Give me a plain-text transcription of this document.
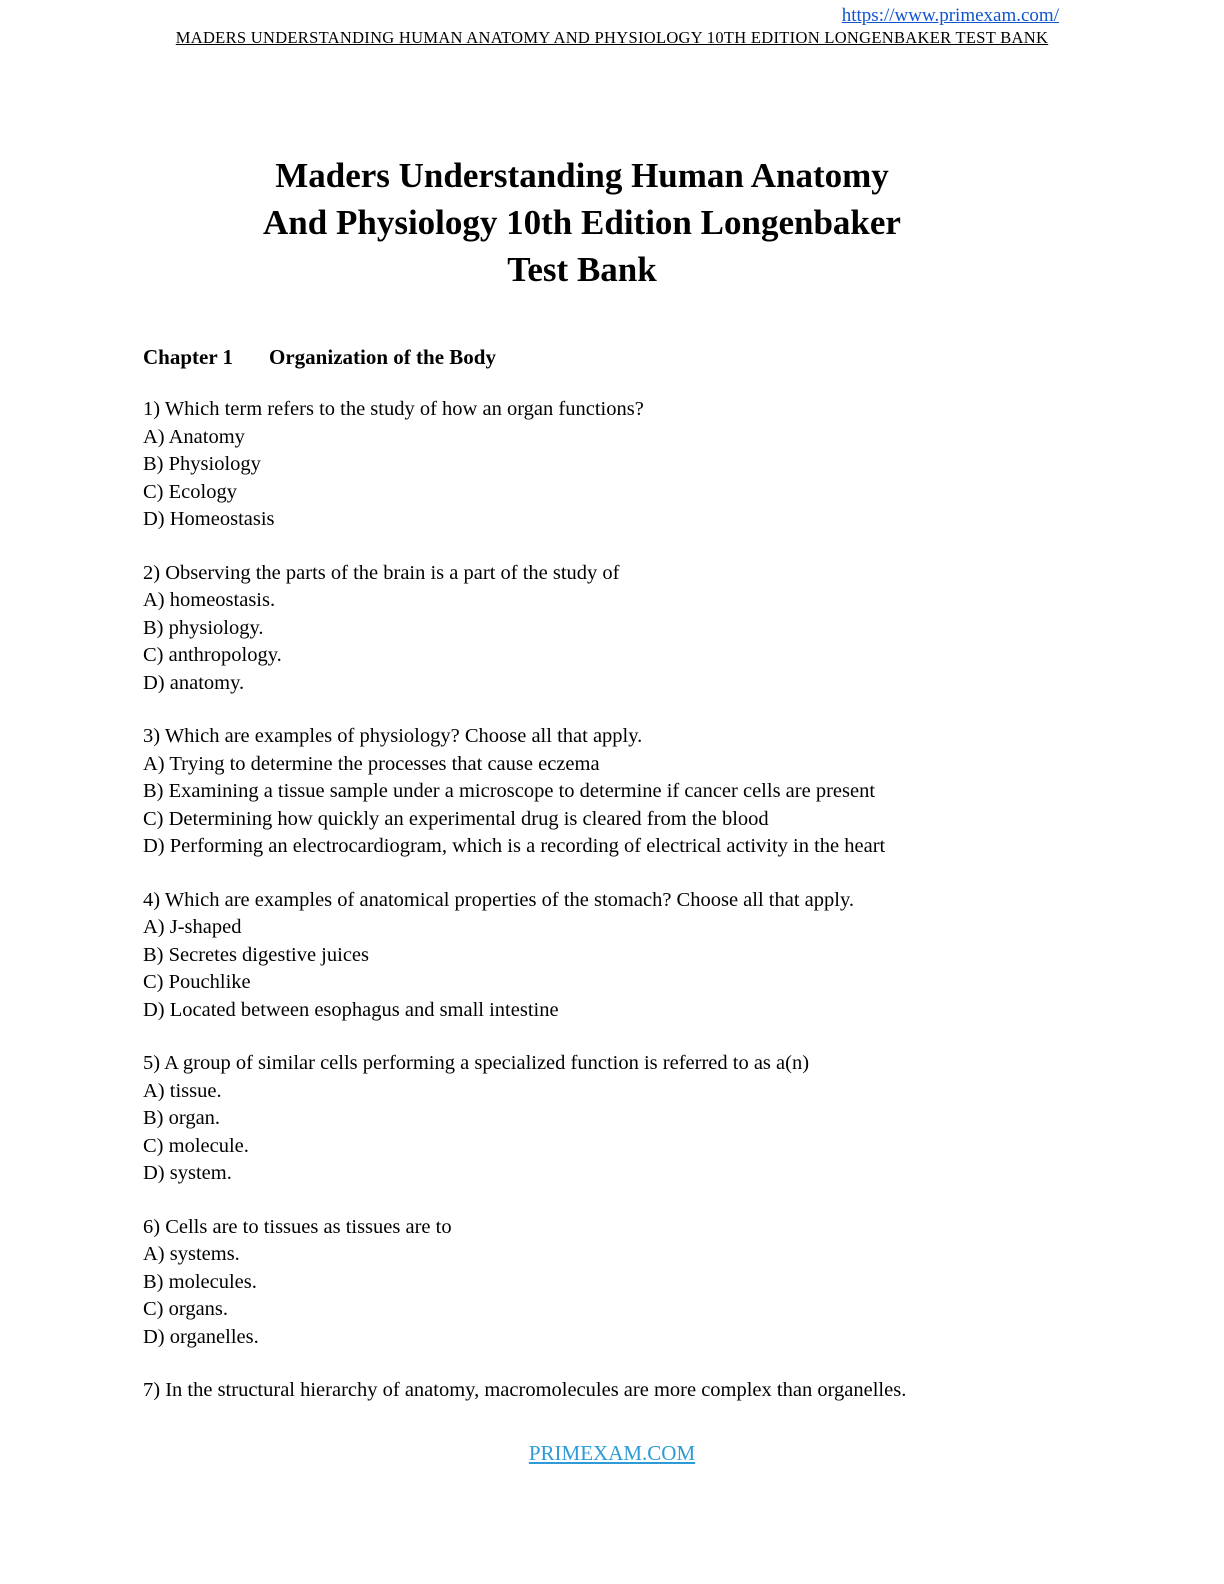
https://www.primexam.com/
MADERS UNDERSTANDING HUMAN ANATOMY AND PHYSIOLOGY 10TH EDITION LONGENBAKER TEST BANK
Maders Understanding Human Anatomy
And Physiology 10th Edition Longenbaker
Test Bank
Chapter 1 Organization of the Body
1) Which term refers to the study of how an organ functions?
A) Anatomy
B) Physiology
C) Ecology
D) Homeostasis
2) Observing the parts of the brain is a part of the study of
A) homeostasis.
B) physiology.
C) anthropology.
D) anatomy.
3) Which are examples of physiology? Choose all that apply.
A) Trying to determine the processes that cause eczema
B) Examining a tissue sample under a microscope to determine if cancer cells are present
C) Determining how quickly an experimental drug is cleared from the blood
D) Performing an electrocardiogram, which is a recording of electrical activity in the heart
4) Which are examples of anatomical properties of the stomach? Choose all that apply.
A) J-shaped
B) Secretes digestive juices
C) Pouchlike
D) Located between esophagus and small intestine
5) A group of similar cells performing a specialized function is referred to as a(n)
A) tissue.
B) organ.
C) molecule.
D) system.
6) Cells are to tissues as tissues are to
A) systems.
B) molecules.
C) organs.
D) organelles.
7) In the structural hierarchy of anatomy, macromolecules are more complex than organelles.
PRIMEXAM.COM
